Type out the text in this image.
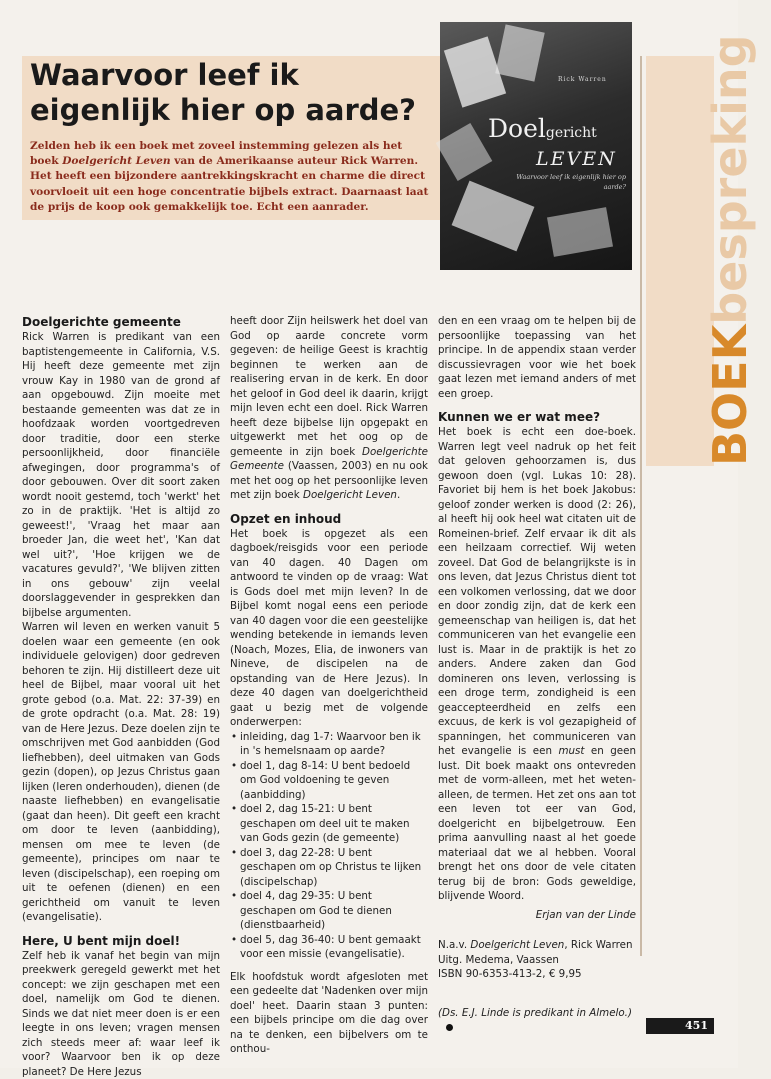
Waarvoor leef ik eigenlijk hier op aarde?

Zelden heb ik een boek met zoveel instemming gelezen als het boek Doelgericht Leven van de Amerikaanse auteur Rick Warren. Het heeft een bijzondere aantrekkingskracht en charme die direct voorvloeit uit een hoge concentratie bijbels extract. Daarnaast laat de prijs de koop ook gemakkelijk toe. Echt een aanrader.

Rick Warren
Doelgericht
LEVEN
Waarvoor leef ik eigenlijk hier op aarde?
BOEKbespreking
Doelgerichte gemeente

Rick Warren is predikant van een baptistengemeente in California, V.S. Hij heeft deze gemeente met zijn vrouw Kay in 1980 van de grond af aan opgebouwd. Zijn moeite met bestaande gemeenten was dat ze in hoofdzaak worden voortgedreven door traditie, door een sterke persoonlijkheid, door financiële afwegingen, door programma's of door gebouwen. Over dit soort zaken wordt nooit gestemd, toch 'werkt' het zo in de praktijk. 'Het is altijd zo geweest!', 'Vraag het maar aan broeder Jan, die weet het', 'Kan dat wel uit?', 'Hoe krijgen we de vacatures gevuld?', 'We blijven zitten in ons gebouw' zijn veelal doorslaggevender in gesprekken dan bijbelse argumenten.

Warren wil leven en werken vanuit 5 doelen waar een gemeente (en ook individuele gelovigen) door gedreven behoren te zijn. Hij distilleert deze uit heel de Bijbel, maar vooral uit het grote gebod (o.a. Mat. 22: 37-39) en de grote opdracht (o.a. Mat. 28: 19) van de Here Jezus. Deze doelen zijn te omschrijven met God aanbidden (God liefhebben), deel uitmaken van Gods gezin (dopen), op Jezus Christus gaan lijken (leren onderhouden), dienen (de naaste liefhebben) en evangelisatie (gaat dan heen). Dit geeft een kracht om door te leven (aanbidding), mensen om mee te leven (de gemeente), principes om naar te leven (discipelschap), een roeping om uit te oefenen (dienen) en een gerichtheid om vanuit te leven (evangelisatie).

Here, U bent mijn doel!

Zelf heb ik vanaf het begin van mijn preekwerk geregeld gewerkt met het concept: we zijn geschapen met een doel, namelijk om God te dienen. Sinds we dat niet meer doen is er een leegte in ons leven; vragen mensen zich steeds meer af: waar leef ik voor? Waarvoor ben ik op deze planeet? De Here Jezus

heeft door Zijn heilswerk het doel van God op aarde concrete vorm gegeven: de heilige Geest is krachtig beginnen te werken aan de realisering ervan in de kerk. En door het geloof in God deel ik daarin, krijgt mijn leven echt een doel. Rick Warren heeft deze bijbelse lijn opgepakt en uitgewerkt met het oog op de gemeente in zijn boek Doelgerichte Gemeente (Vaassen, 2003) en nu ook met het oog op het persoonlijke leven met zijn boek Doelgericht Leven.

Opzet en inhoud

Het boek is opgezet als een dagboek/reisgids voor een periode van 40 dagen. 40 Dagen om antwoord te vinden op de vraag: Wat is Gods doel met mijn leven? In de Bijbel komt nogal eens een periode van 40 dagen voor die een geestelijke wending betekende in iemands leven (Noach, Mozes, Elia, de inwoners van Nineve, de discipelen na de opstanding van de Here Jezus). In deze 40 dagen van doelgerichtheid gaat u bezig met de volgende onderwerpen:

• inleiding, dag 1-7: Waarvoor ben ik in 's hemelsnaam op aarde?
• doel 1, dag 8-14: U bent bedoeld om God voldoening te geven (aanbidding)
• doel 2, dag 15-21: U bent geschapen om deel uit te maken van Gods gezin (de gemeente)
• doel 3, dag 22-28: U bent geschapen om op Christus te lijken (discipelschap)
• doel 4, dag 29-35: U bent geschapen om God te dienen (dienstbaarheid)
• doel 5, dag 36-40: U bent gemaakt voor een missie (evangelisatie).

Elk hoofdstuk wordt afgesloten met een gedeelte dat 'Nadenken over mijn doel' heet. Daarin staan 3 punten: een bijbels principe om die dag over na te denken, een bijbelvers om te onthou-

den en een vraag om te helpen bij de persoonlijke toepassing van het principe. In de appendix staan verder discussievragen voor wie het boek gaat lezen met iemand anders of met een groep.

Kunnen we er wat mee?

Het boek is echt een doe-boek. Warren legt veel nadruk op het feit dat geloven gehoorzamen is, dus gewoon doen (vgl. Lukas 10: 28). Favoriet bij hem is het boek Jakobus: geloof zonder werken is dood (2: 26), al heeft hij ook heel wat citaten uit de Romeinen-brief. Zelf ervaar ik dit als een heilzaam correctief. Wij weten zoveel. Dat God de belangrijkste is in ons leven, dat Jezus Christus dient tot een volkomen verlossing, dat we door en door zondig zijn, dat de kerk een gemeenschap van heiligen is, dat het communiceren van het evangelie een lust is. Maar in de praktijk is het zo anders. Andere zaken dan God domineren ons leven, verlossing is een droge term, zondigheid is een geaccepteerdheid en zelfs een excuus, de kerk is vol gezapigheid of spanningen, het communiceren van het evangelie is een must en geen lust. Dit boek maakt ons ontevreden met de vorm-alleen, met het weten-alleen, de termen. Het zet ons aan tot een leven tot eer van God, doelgericht en bijbelgetrouw. Een prima aanvulling naast al het goede materiaal dat we al hebben. Vooral brengt het ons door de vele citaten terug bij de bron: Gods geweldige, blijvende Woord.

Erjan van der Linde

N.a.v. Doelgericht Leven, Rick Warren

Uitg. Medema, Vaassen

ISBN 90-6353-413-2, € 9,95

(Ds. E.J. Linde is predikant in Almelo.)

451
